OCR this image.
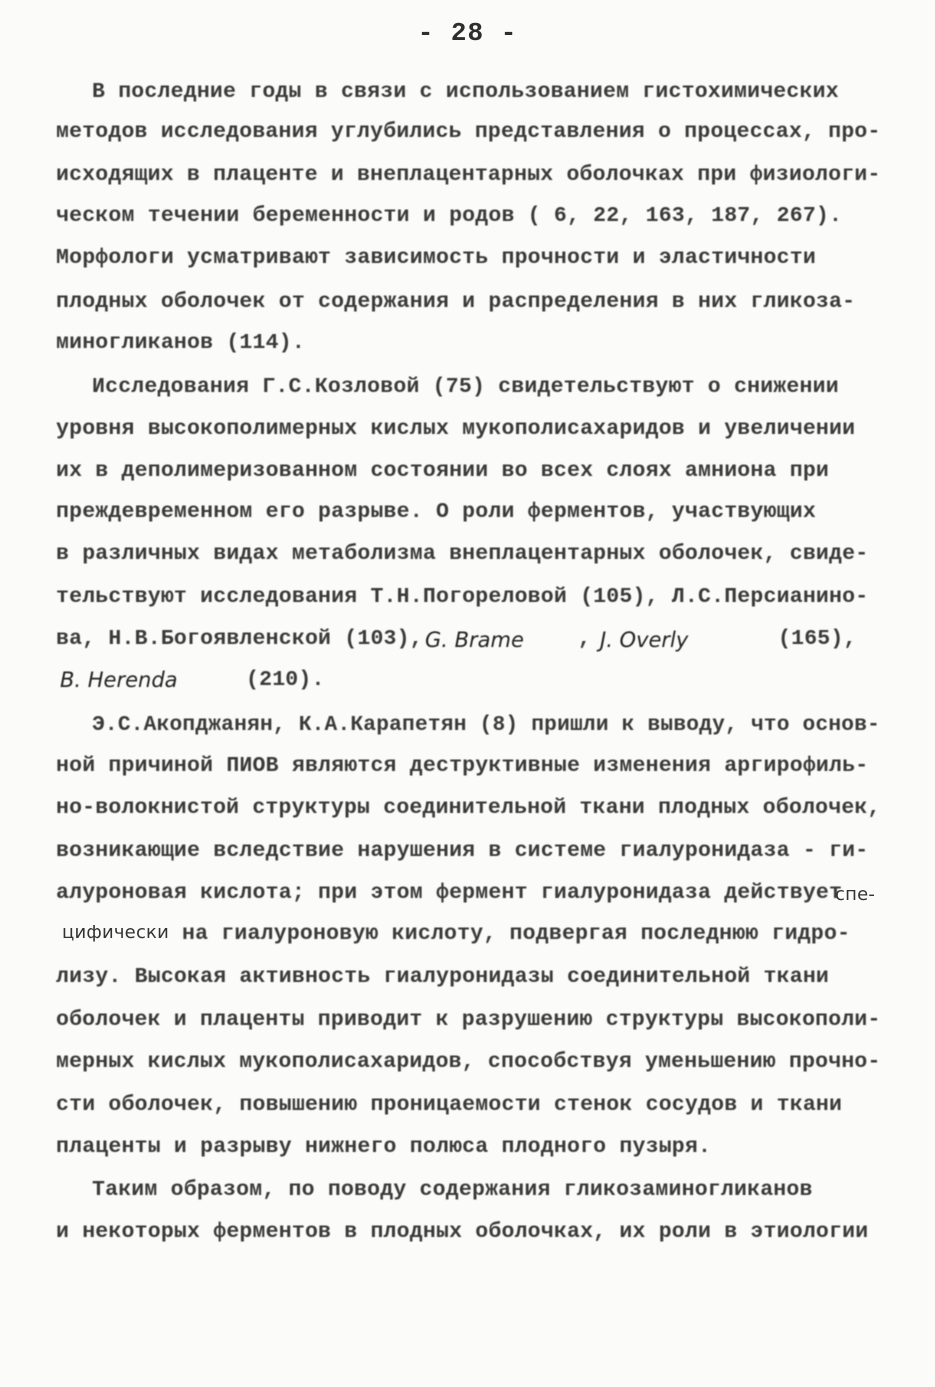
- 28 -
В последние годы в связи с использованием гистохимических
методов исследования углубились представления о процессах, про-
исходящих в плаценте и внеплацентарных оболочках при физиологи-
ческом течении беременности и родов ( 6, 22, 163, 187, 267).
Морфологи усматривают зависимость прочности и эластичности
плодных оболочек от содержания и распределения в них гликоза-
миногликанов (114).
Исследования Г.С.Козловой (75) свидетельствуют о снижении
уровня высокополимерных кислых мукополисахаридов и увеличении
их в деполимеризованном состоянии во всех слоях амниона при
преждевременном его разрыве. О роли ферментов, участвующих
в различных видах метаболизма внеплацентарных оболочек, свиде-
тельствуют исследования Т.Н.Погореловой (105), Л.С.Персианино-
ва, Н.В.Богоявленской (103), G. Brame	, J. Overly	(165),
B. Herenda	(210).
Э.С.Акопджанян, К.А.Карапетян (8) пришли к выводу, что основ-
ной причиной ПИОВ являются деструктивные изменения аргирофиль-
но-волокнистой структуры соединительной ткани плодных оболочек,
возникающие вследствие нарушения в системе гиалуронидаза - ги-
алуроновая кислота; при этом фермент гиалуронидаза действует
спе-
цифически на гиалуроновую кислоту, подвергая последнюю гидро-
лизу. Высокая активность гиалуронидазы соединительной ткани
оболочек и плаценты приводит к разрушению структуры высокополи-
мерных кислых мукополисахаридов, способствуя уменьшению прочно-
сти оболочек, повышению проницаемости стенок сосудов и ткани
плаценты и разрыву нижнего полюса плодного пузыря.
Таким образом, по поводу содержания гликозаминогликанов
и некоторых ферментов в плодных оболочках, их роли в этиологии
